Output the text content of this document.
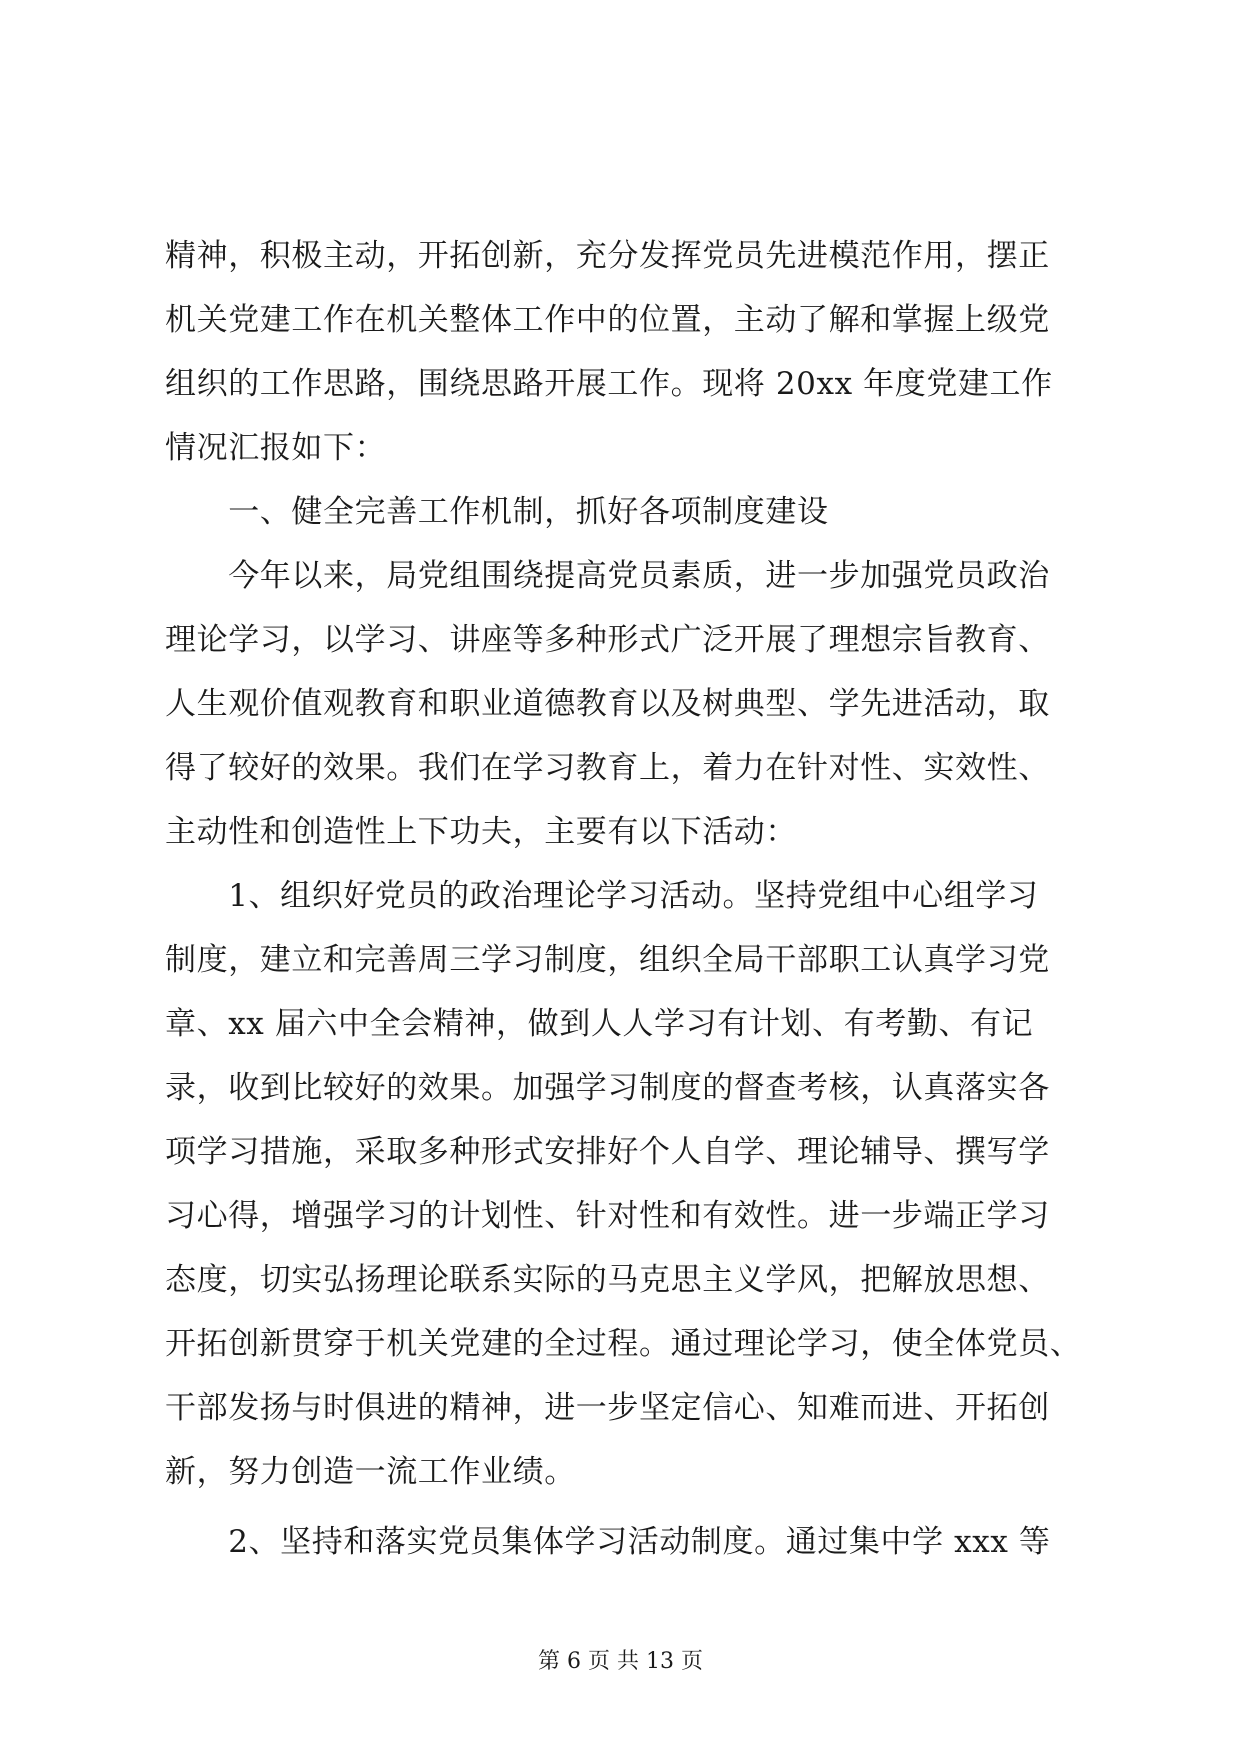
精神，积极主动，开拓创新，充分发挥党员先进模范作用，摆正
机关党建工作在机关整体工作中的位置，主动了解和掌握上级党
组织的工作思路，围绕思路开展工作。现将 20xx 年度党建工作
情况汇报如下：
　　一、健全完善工作机制，抓好各项制度建设
　　今年以来，局党组围绕提高党员素质，进一步加强党员政治
理论学习，以学习、讲座等多种形式广泛开展了理想宗旨教育、
人生观价值观教育和职业道德教育以及树典型、学先进活动，取
得了较好的效果。我们在学习教育上，着力在针对性、实效性、
主动性和创造性上下功夫，主要有以下活动：
　　1、组织好党员的政治理论学习活动。坚持党组中心组学习
制度，建立和完善周三学习制度，组织全局干部职工认真学习党
章、xx 届六中全会精神，做到人人学习有计划、有考勤、有记
录，收到比较好的效果。加强学习制度的督查考核，认真落实各
项学习措施，采取多种形式安排好个人自学、理论辅导、撰写学
习心得，增强学习的计划性、针对性和有效性。进一步端正学习
态度，切实弘扬理论联系实际的马克思主义学风，把解放思想、
开拓创新贯穿于机关党建的全过程。通过理论学习，使全体党员、
干部发扬与时俱进的精神，进一步坚定信心、知难而进、开拓创
新，努力创造一流工作业绩。
　　2、坚持和落实党员集体学习活动制度。通过集中学 xxx 等
第 6 页 共 13 页
